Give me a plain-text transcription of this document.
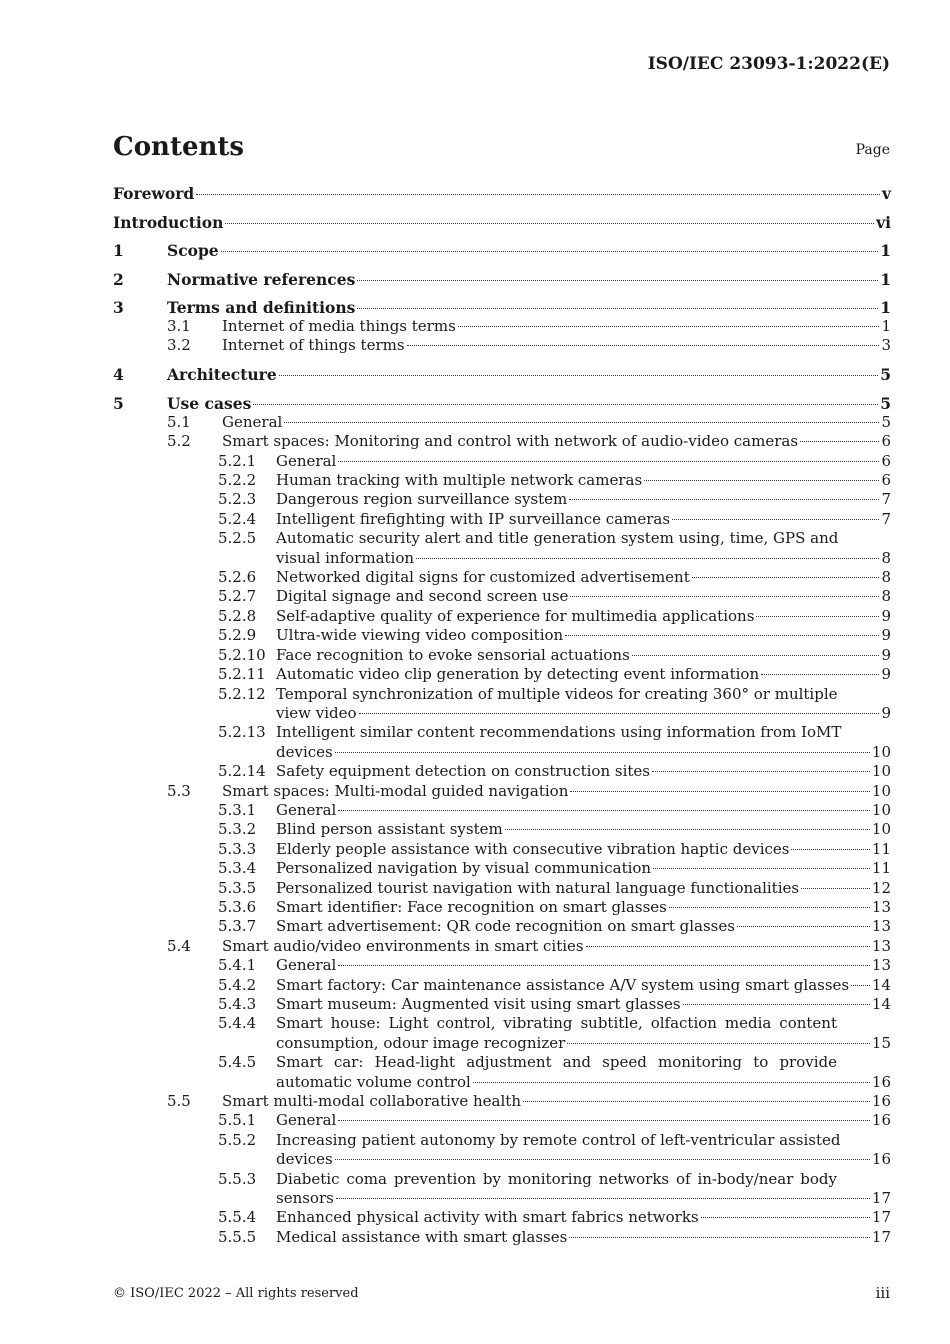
ISO/IEC 23093-1:2022(E)
Contents	Page
Foreword	v
Introduction	vi
1	Scope	1
2	Normative references	1
3	Terms and definitions	1
3.1 Internet of media things terms	1
3.2 Internet of things terms	3
4	Architecture	5
5	Use cases	5
5.1 General	5
5.2 Smart spaces: Monitoring and control with network of audio-video cameras	6
5.2.1 General	6
5.2.2 Human tracking with multiple network cameras	6
5.2.3 Dangerous region surveillance system	7
5.2.4 Intelligent firefighting with IP surveillance cameras	7
5.2.5 Automatic security alert and title generation system using, time, GPS and
visual information	8
5.2.6 Networked digital signs for customized advertisement	8
5.2.7 Digital signage and second screen use	8
5.2.8 Self-adaptive quality of experience for multimedia applications	9
5.2.9 Ultra-wide viewing video composition	9
5.2.10 Face recognition to evoke sensorial actuations	9
5.2.11 Automatic video clip generation by detecting event information	9
5.2.12 Temporal synchronization of multiple videos for creating 360° or multiple
view video	9
5.2.13 Intelligent similar content recommendations using information from IoMT
devices	10
5.2.14 Safety equipment detection on construction sites	10
5.3 Smart spaces: Multi-modal guided navigation	10
5.3.1 General	10
5.3.2 Blind person assistant system	10
5.3.3 Elderly people assistance with consecutive vibration haptic devices	11
5.3.4 Personalized navigation by visual communication	11
5.3.5 Personalized tourist navigation with natural language functionalities	12
5.3.6 Smart identifier: Face recognition on smart glasses	13
5.3.7 Smart advertisement: QR code recognition on smart glasses	13
5.4 Smart audio/video environments in smart cities	13
5.4.1 General	13
5.4.2 Smart factory: Car maintenance assistance A/V system using smart glasses 14
5.4.3 Smart museum: Augmented visit using smart glasses	14
5.4.4 Smart house: Light control, vibrating subtitle, olfaction media content
consumption, odour image recognizer	15
5.4.5 Smart car: Head-light adjustment and speed monitoring to provide
automatic volume control	16
5.5 Smart multi-modal collaborative health	16
5.5.1 General	16
5.5.2 Increasing patient autonomy by remote control of left-ventricular assisted
devices	16
5.5.3 Diabetic coma prevention by monitoring networks of in-body/near body
sensors	17
5.5.4 Enhanced physical activity with smart fabrics networks	17
5.5.5 Medical assistance with smart glasses	17
© ISO/IEC 2022 – All rights reserved	iii
